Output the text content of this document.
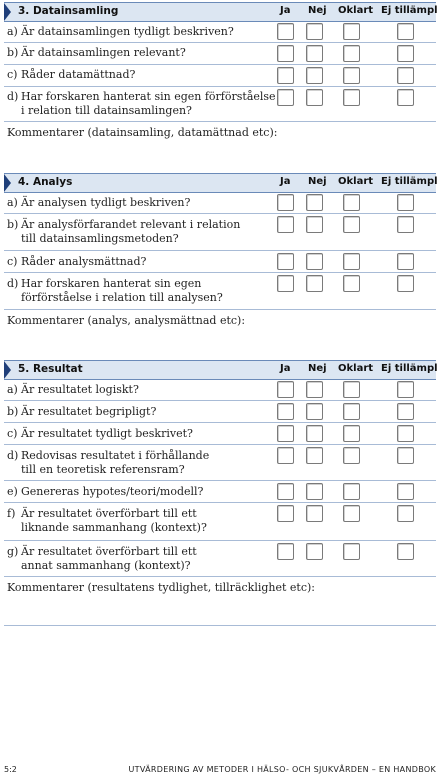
3. Datainsamling	Ja Nej Oklart Ej tillämpl
a) Är datainsamlingen tydligt beskriven?
b) Är datainsamlingen relevant?
c) Råder datamättnad?
d) Har forskaren hanterat sin egen förförståelse
i relation till datainsamlingen?
Kommentarer (datainsamling, datamättnad etc):
4. Analys	Ja Nej Oklart Ej tillämpl
a) Är analysen tydligt beskriven?
b) Är analysförfarandet relevant i relation
till datainsamlingsmetoden?
c) Råder analysmättnad?
d) Har forskaren hanterat sin egen
förförståelse i relation till analysen?
Kommentarer (analys, analysmättnad etc):
5. Resultat	Ja Nej Oklart Ej tillämpl
a) Är resultatet logiskt?
b) Är resultatet begripligt?
c) Är resultatet tydligt beskrivet?
d) Redovisas resultatet i förhållande
till en teoretisk referensram?
e) Genereras hypotes/teori/modell?
f) Är resultatet överförbart till ett
liknande sammanhang (kontext)?
g) Är resultatet överförbart till ett
annat sammanhang (kontext)?
Kommentarer (resultatens tydlighet, tillräcklighet etc):
5:2	UTVÄRDERING AV METODER I HÄLSO- OCH SJUKVÅRDEN – EN HANDBOK
